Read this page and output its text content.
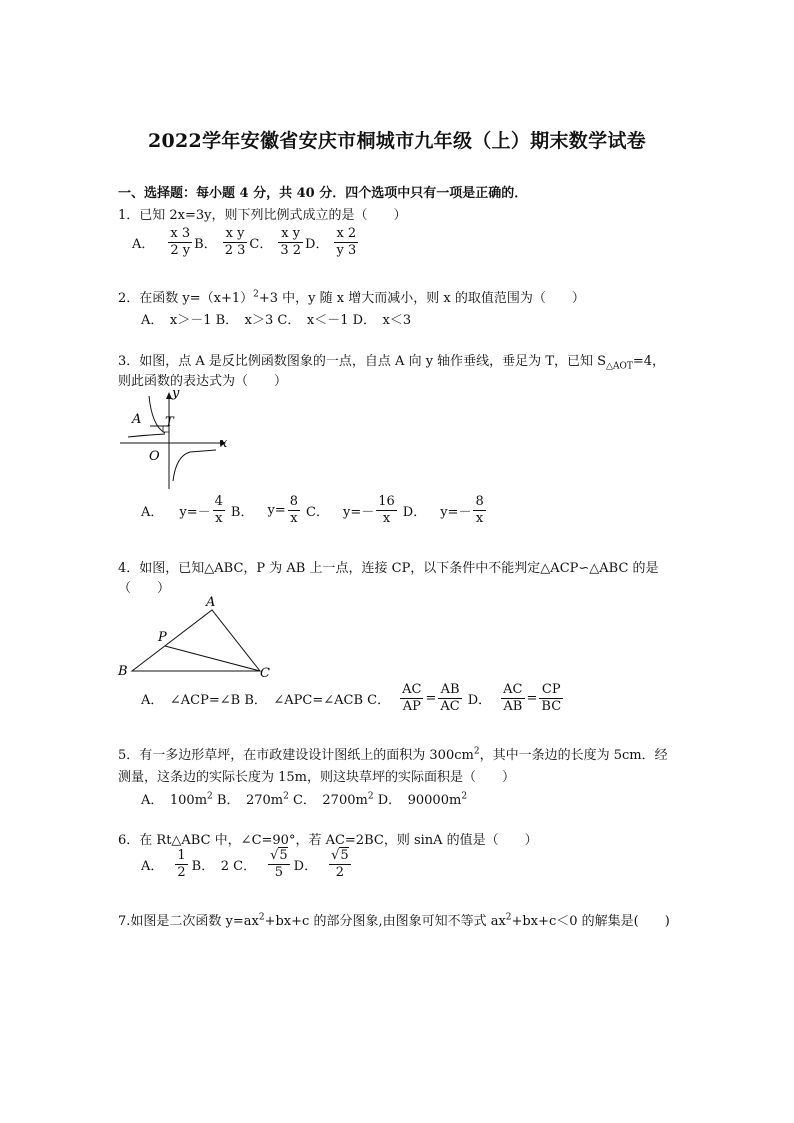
2022学年安徽省安庆市桐城市九年级（上）期末数学试卷
一、选择题：每小题 4 分，共 40 分．四个选项中只有一项是正确的．
1．已知 2x=3y，则下列比例式成立的是（　　）
A． $\frac{x 3}{2 y}$ B． $\frac{\text{x y}}{2 3}$ C． $\frac{\text{x y}}{3 2}$ D． $\frac{x 2}{y 3}$
2．在函数 $y=(x+1)^2+3$ 中，y 随 x 增大而减小，则 x 的取值范围为（　　）
A．　x＞－1 B．　x＞3 C．　x＜－1 D．　x＜3
3．如图，点 A 是反比例函数图象的一点，自点 A 向 y 轴作垂线，垂足为 T，已知 $S_{\triangle AOT}=4$，
则此函数的表达式为（　　）
A
y
x
T
O
A． $y=- \frac{4}{x}$ B． $y= \frac{8}{x}$ C． $y=- \frac{16}{x}$ D． $y=- \frac{8}{x}$
4．如图，已知△ABC，P 为 AB 上一点，连接 CP，以下条件中不能判定△ACP∽△ABC 的是
（　　）
A
B	C
P
A．　∠ACP=∠B B．　∠APC=∠ACB C． $\frac{AC}{AP} = \frac{AB}{AC}$ D． $\frac{AC}{AB} = \frac{CP}{BC}$
5．有一多边形草坪，在市政建设设计图纸上的面积为 $300cm^2$，其中一条边的长度为 5cm．经
测量，这条边的实际长度为 15m，则这块草坪的实际面积是（　　）
A．　$100m^2$ B．　$270m^2$ C．　$2700m^2$ D．　$90000m^2$
6．在 Rt△ABC 中，∠C=90°，若 AC=2BC，则 sinA 的值是（　　）
A． $\frac{1}{2}$ B．　2 C． $\frac{√5}{5}$ D． $\frac{√5}{2}$
7.如图是二次函数 $y=ax^2+bx+c$ 的部分图象,由图象可知不等式 $ax^2+bx+c<0$ 的解集是(　　)
